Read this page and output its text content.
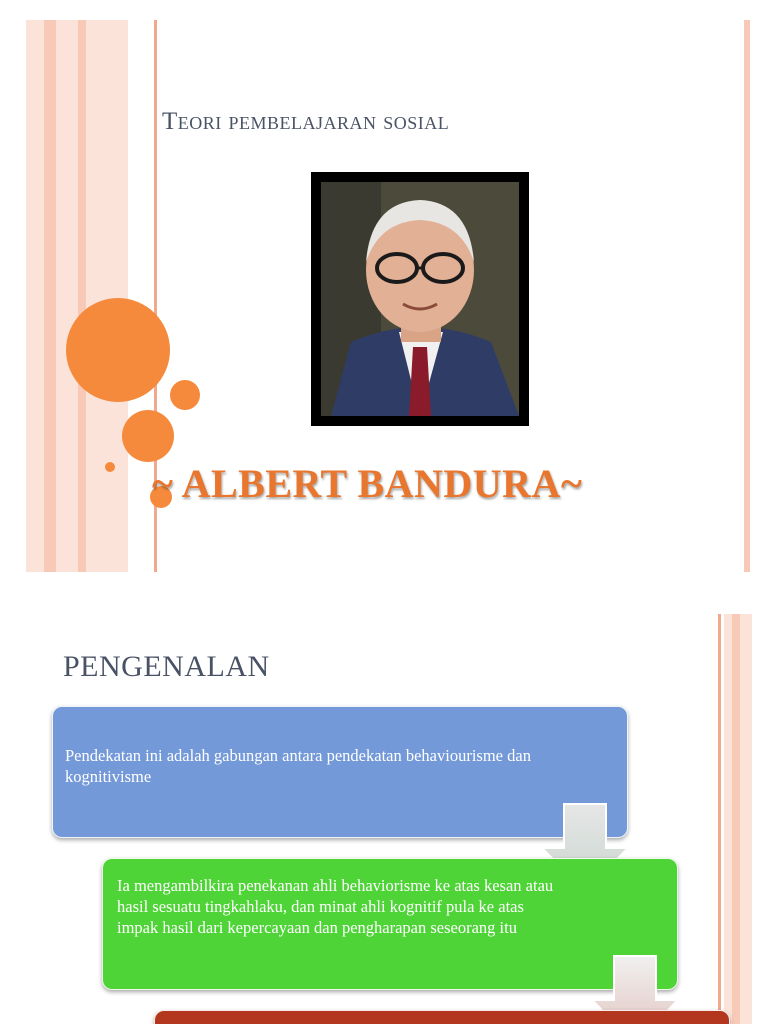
Teori pembelajaran sosial
~ ALBERT BANDURA~
PENGENALAN
Pendekatan ini adalah gabungan antara pendekatan behaviourisme dan kognitivisme
Ia mengambilkira penekanan ahli behaviorisme ke atas kesan atau hasil sesuatu tingkahlaku, dan minat ahli kognitif pula ke atas impak hasil dari kepercayaan dan pengharapan seseorang itu
